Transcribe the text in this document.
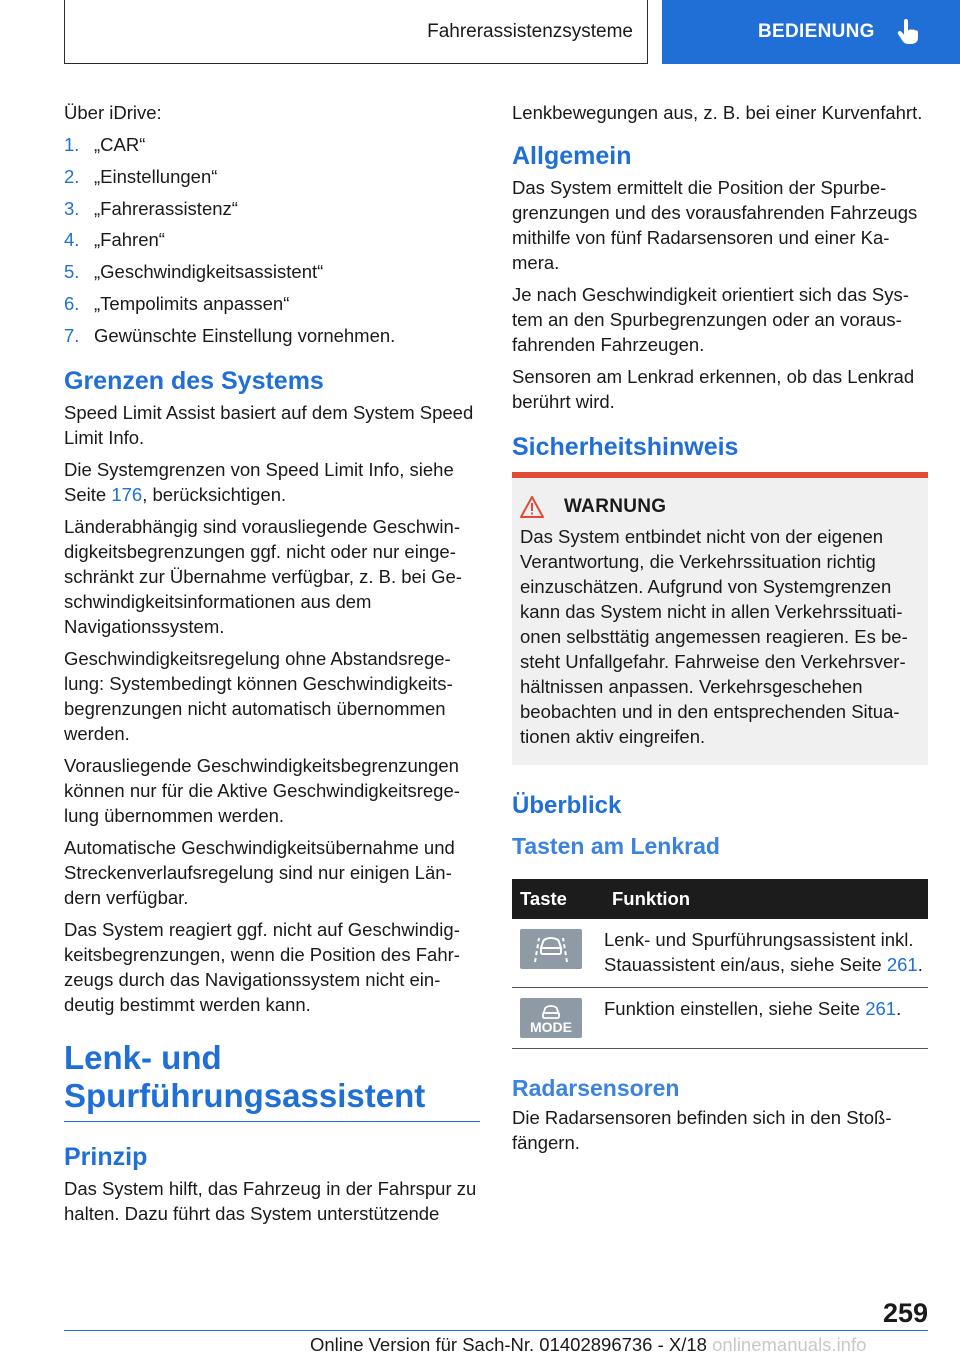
Fahrerassistenzsysteme	BEDIENUNG

Über iDrive:

1. „CAR“
2. „Einstellungen“
3. „Fahrerassistenz“
4. „Fahren“
5. „Geschwindigkeitsassistent“
6. „Tempolimits anpassen“
7. Gewünschte Einstellung vornehmen.
Grenzen des Systems

Speed Limit Assist basiert auf dem System Speed Limit Info.

Die Systemgrenzen von Speed Limit Info, siehe Seite 176, berücksichtigen.

Länderabhängig sind vorausliegende Geschwindigkeitsbegrenzungen ggf. nicht oder nur eingeschränkt zur Übernahme verfügbar, z. B. bei Geschwindigkeitsinformationen aus dem Navigationssystem.

Geschwindigkeitsregelung ohne Abstandsregelung: Systembedingt können Geschwindigkeitsbegrenzungen nicht automatisch übernommen werden.

Vorausliegende Geschwindigkeitsbegrenzungen können nur für die Aktive Geschwindigkeitsregelung übernommen werden.

Automatische Geschwindigkeitsübernahme und Streckenverlaufsregelung sind nur einigen Ländern verfügbar.

Das System reagiert ggf. nicht auf Geschwindigkeitsbegrenzungen, wenn die Position des Fahrzeugs durch das Navigationssystem nicht eindeutig bestimmt werden kann.

Lenk- und
Spurführungsassistent
Prinzip

Das System hilft, das Fahrzeug in der Fahrspur zu halten. Dazu führt das System unterstützende

Lenkbewegungen aus, z. B. bei einer Kurvenfahrt.

Allgemein

Das System ermittelt die Position der Spurbegrenzungen und des vorausfahrenden Fahrzeugs mithilfe von fünf Radarsensoren und einer Kamera.

Je nach Geschwindigkeit orientiert sich das System an den Spurbegrenzungen oder an vorausfahrenden Fahrzeugen.

Sensoren am Lenkrad erkennen, ob das Lenkrad berührt wird.

Sicherheitshinweis
WARNUNG

Das System entbindet nicht von der eigenen Verantwortung, die Verkehrssituation richtig einzuschätzen. Aufgrund von Systemgrenzen kann das System nicht in allen Verkehrssituationen selbsttätig angemessen reagieren. Es besteht Unfallgefahr. Fahrweise den Verkehrsverhältnissen anpassen. Verkehrsgeschehen beobachten und in den entsprechenden Situationen aktiv eingreifen.

Überblick
Tasten am Lenkrad
Taste	Funktion

	Lenk- und Spurführungsassistent inkl. Stauassistent ein/aus, siehe Seite 261.

MODE	Funktion einstellen, siehe Seite 261.
Radarsensoren

Die Radarsensoren befinden sich in den Stoßfängern.

259
Online Version für Sach-Nr. 01402896736 - X/18 onlinemanuals.info
